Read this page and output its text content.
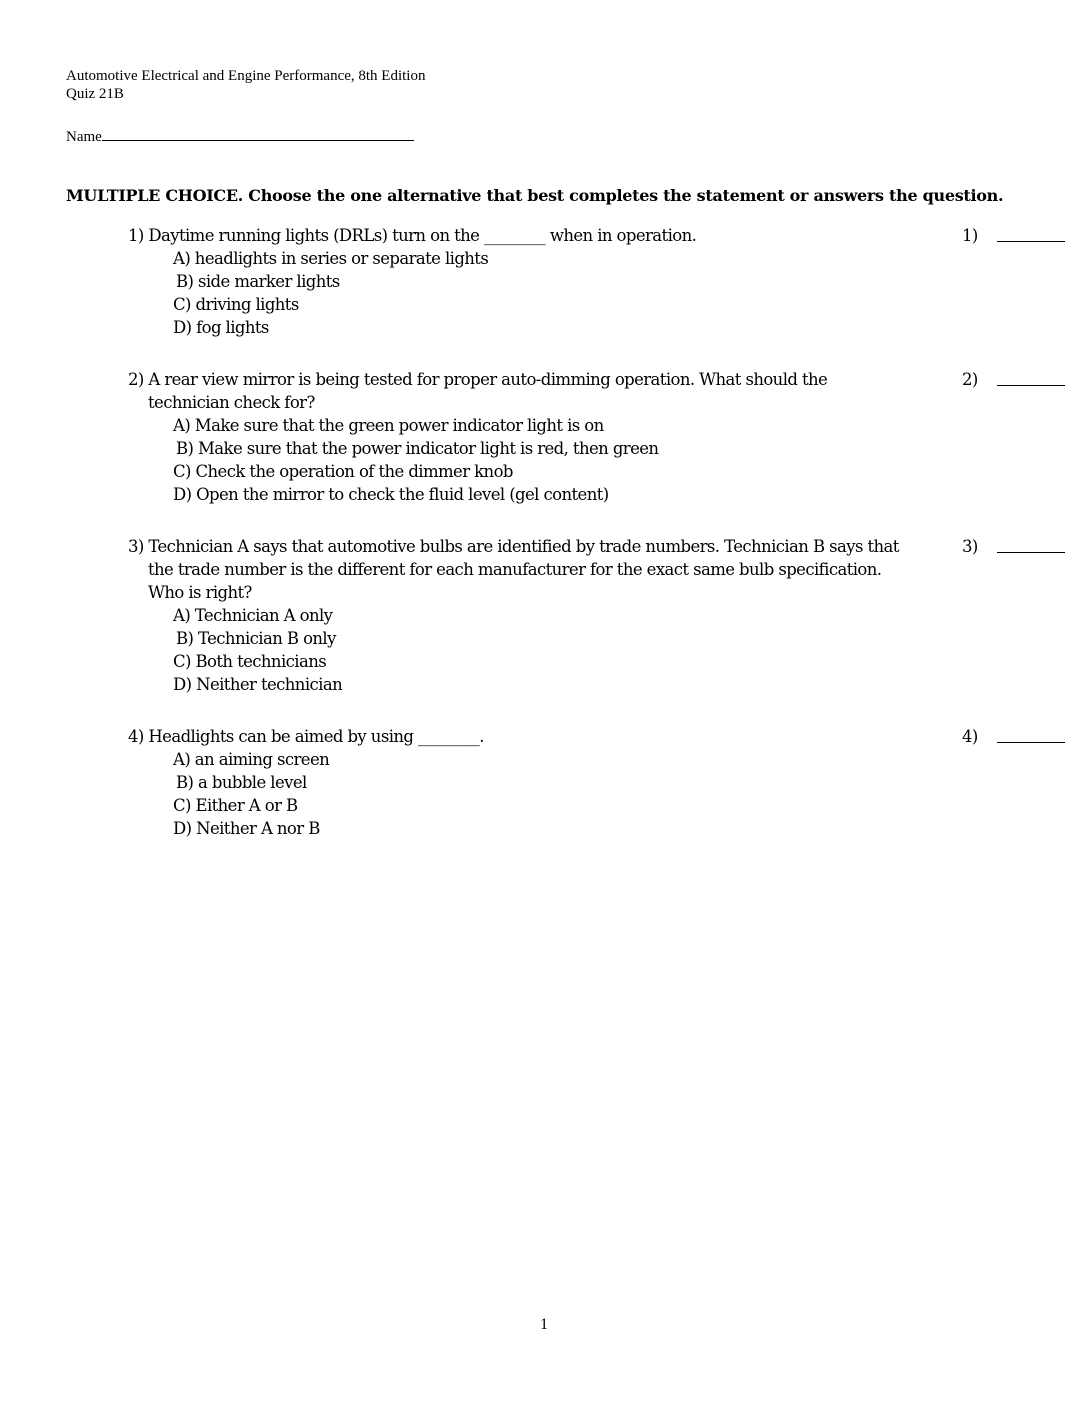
Automotive Electrical and Engine Performance, 8th Edition
Quiz 21B
Name
MULTIPLE CHOICE. Choose the one alternative that best completes the statement or answers the question.
1) Daytime running lights (DRLs) turn on the ________ when in operation.
A) headlights in series or separate lights
B) side marker lights
C) driving lights
D) fog lights
1)
2) A rear view mirror is being tested for proper auto-dimming operation. What should the
technician check for?
A) Make sure that the green power indicator light is on
B) Make sure that the power indicator light is red, then green
C) Check the operation of the dimmer knob
D) Open the mirror to check the fluid level (gel content)
2)
3) Technician A says that automotive bulbs are identified by trade numbers. Technician B says that
the trade number is the different for each manufacturer for the exact same bulb specification.
Who is right?
A) Technician A only
B) Technician B only
C) Both technicians
D) Neither technician
3)
4) Headlights can be aimed by using ________.
A) an aiming screen
B) a bubble level
C) Either A or B
D) Neither A nor B
4)
1
